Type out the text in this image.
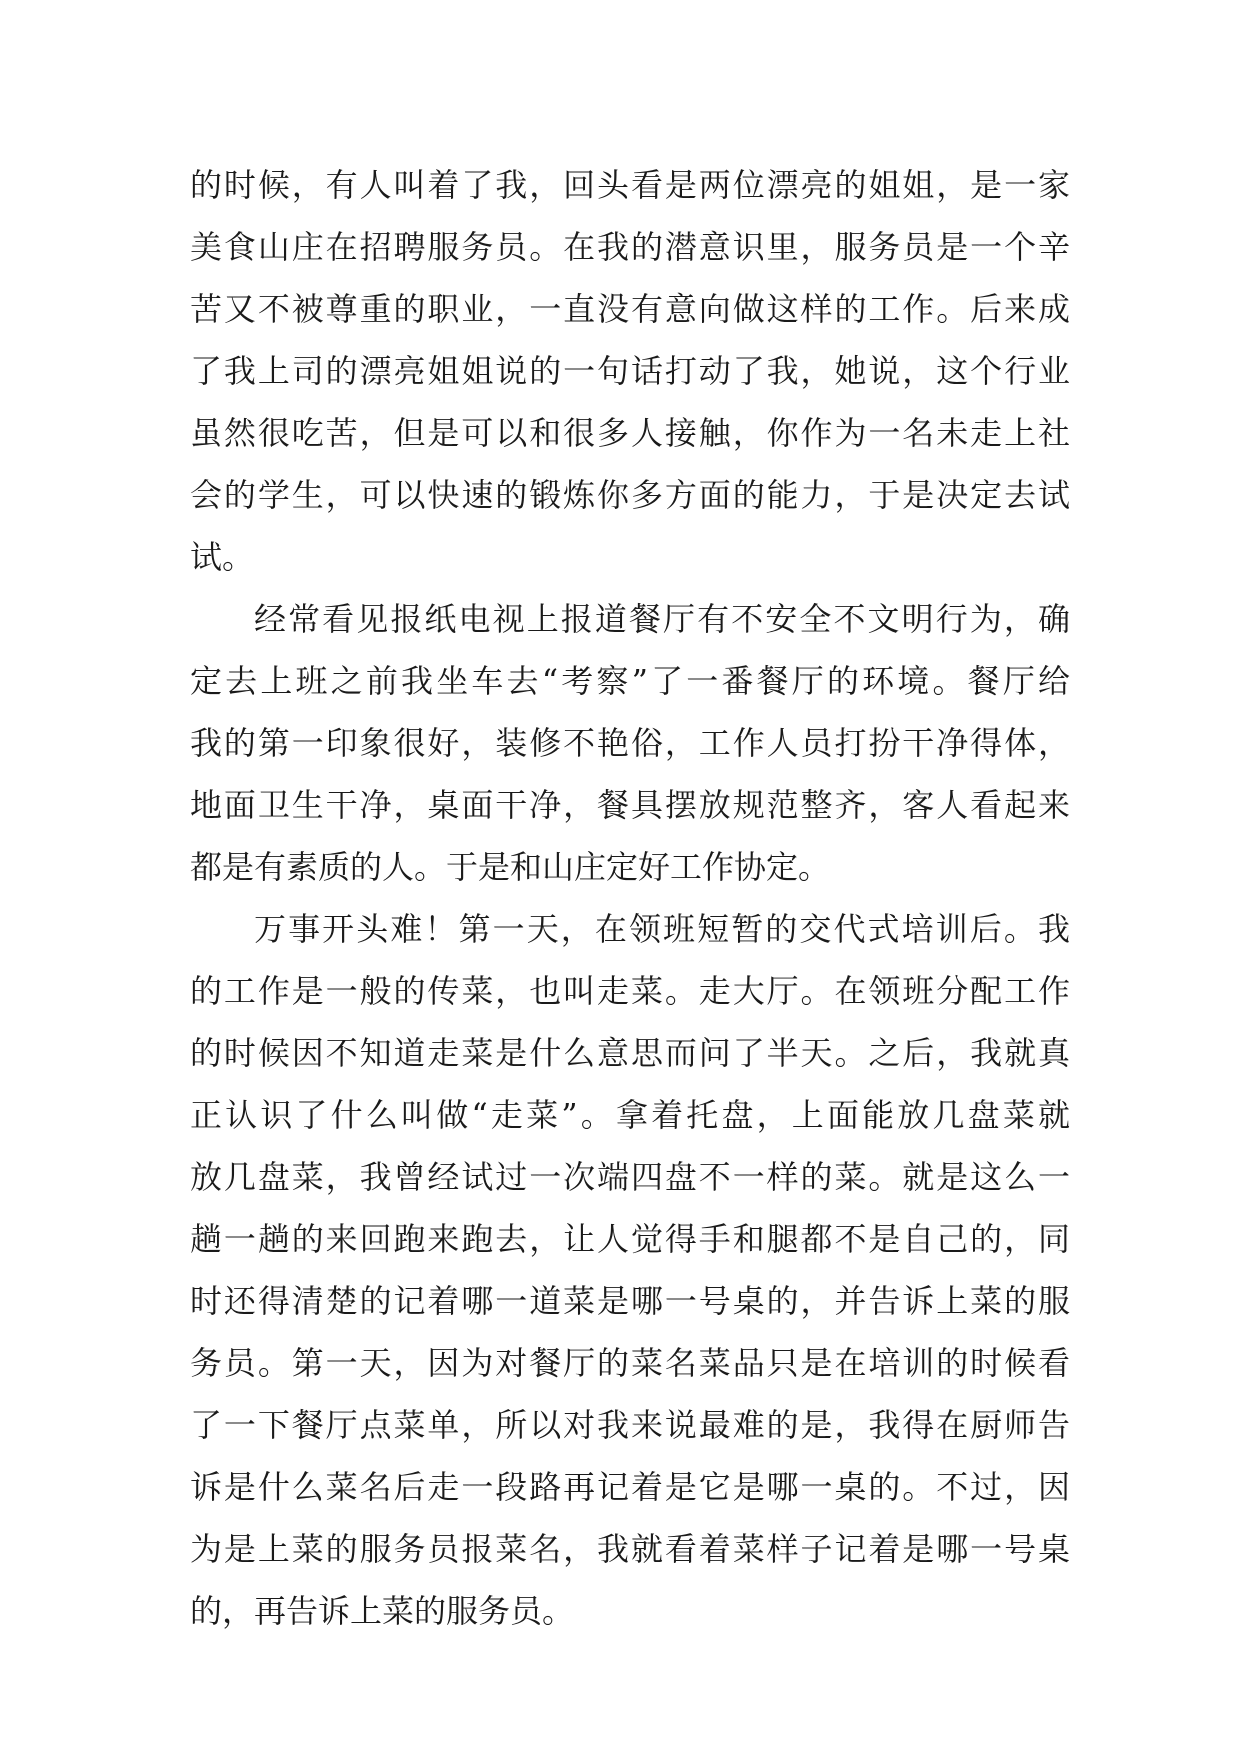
的时候，有人叫着了我，回头看是两位漂亮的姐姐，是一家
美食山庄在招聘服务员。在我的潜意识里，服务员是一个辛
苦又不被尊重的职业，一直没有意向做这样的工作。后来成
了我上司的漂亮姐姐说的一句话打动了我，她说，这个行业
虽然很吃苦，但是可以和很多人接触，你作为一名未走上社
会的学生，可以快速的锻炼你多方面的能力，于是决定去试
试。
经常看见报纸电视上报道餐厅有不安全不文明行为，确
定去上班之前我坐车去“考察”了一番餐厅的环境。餐厅给
我的第一印象很好，装修不艳俗，工作人员打扮干净得体，
地面卫生干净，桌面干净，餐具摆放规范整齐，客人看起来
都是有素质的人。于是和山庄定好工作协定。
万事开头难！第一天，在领班短暂的交代式培训后。我
的工作是一般的传菜，也叫走菜。走大厅。在领班分配工作
的时候因不知道走菜是什么意思而问了半天。之后，我就真
正认识了什么叫做“走菜”。拿着托盘，上面能放几盘菜就
放几盘菜，我曾经试过一次端四盘不一样的菜。就是这么一
趟一趟的来回跑来跑去，让人觉得手和腿都不是自己的，同
时还得清楚的记着哪一道菜是哪一号桌的，并告诉上菜的服
务员。第一天，因为对餐厅的菜名菜品只是在培训的时候看
了一下餐厅点菜单，所以对我来说最难的是，我得在厨师告
诉是什么菜名后走一段路再记着是它是哪一桌的。不过，因
为是上菜的服务员报菜名，我就看着菜样子记着是哪一号桌
的，再告诉上菜的服务员。
